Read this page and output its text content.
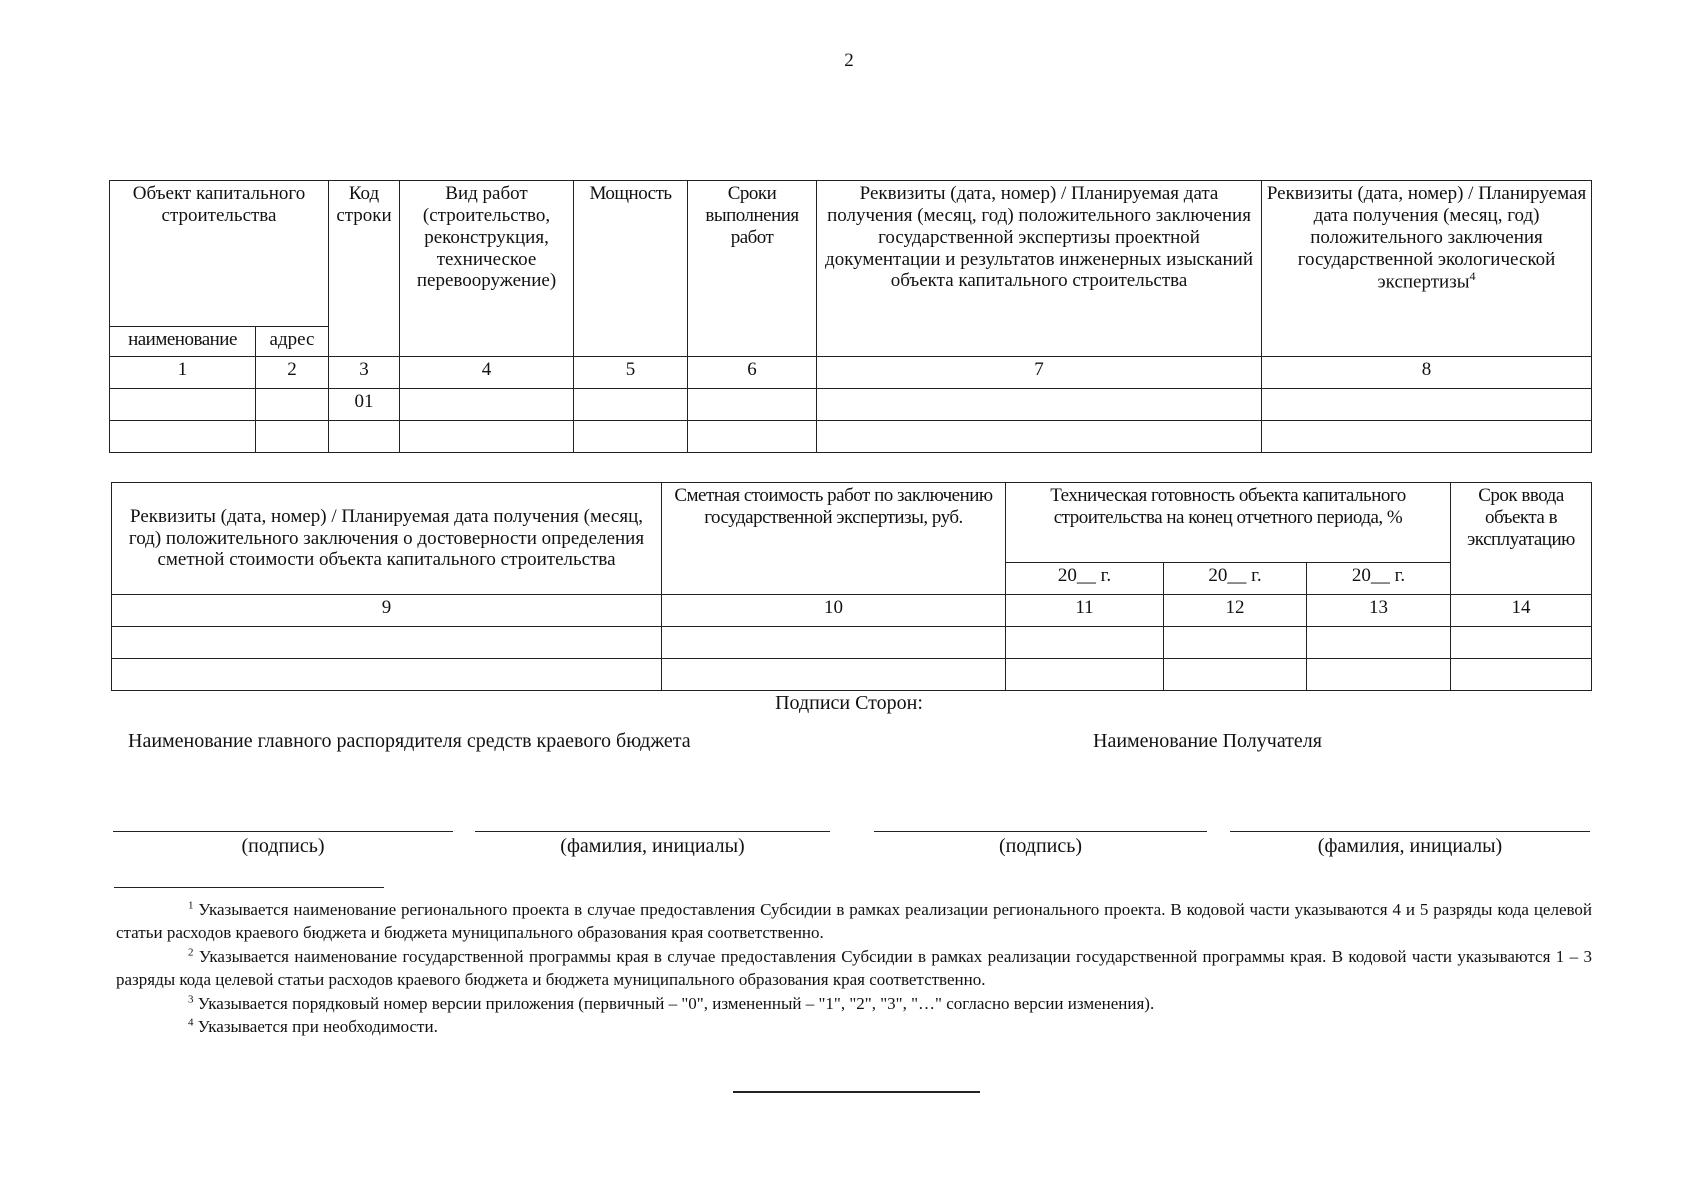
2
Объект капитального строительства		Код строки	Вид работ (строительство, реконструкция, техническое перевооружение)	Мощность	Сроки выполнения работ	Реквизиты (дата, номер) / Планируемая дата получения (месяц, год) положительного заключения государственной экспертизы проектной документации и результатов инженерных изысканий объекта капитального строительства	Реквизиты (дата, номер) / Планируемая дата получения (месяц, год) положительного заключения государственной экологической экспертизы$^4$
наименование	адрес						
1	2	3	4	5	6	7	8
		01					

Реквизиты (дата, номер) / Планируемая дата получения (месяц, год) положительного заключения о достоверности определения сметной стоимости объекта капитального строительства	Сметная стоимость работ по заключению государственной экспертизы, руб.	Техническая готовность объекта капитального строительства на конец отчетного периода, %			Срок ввода объекта в эксплуатацию
		20__ г.	20__ г.	20__ г.	
9	10	11	12	13	14

Подписи Сторон:
Наименование главного распорядителя средств краевого бюджета	Наименование Получателя
(подпись)	(фамилия, инициалы)	(подпись)	(фамилия, инициалы)

$^1$ Указывается наименование регионального проекта в случае предоставления Субсидии в рамках реализации регионального проекта. В кодовой части указываются 4 и 5 разряды кода целевой статьи расходов краевого бюджета и бюджета муниципального образования края соответственно.

$^2$ Указывается наименование государственной программы края в случае предоставления Субсидии в рамках реализации государственной программы края. В кодовой части указываются 1 – 3 разряды кода целевой статьи расходов краевого бюджета и бюджета муниципального образования края соответственно.

$^3$ Указывается порядковый номер версии приложения (первичный – "0", измененный – "1", "2", "3", "…" согласно версии изменения).

$^4$ Указывается при необходимости.
